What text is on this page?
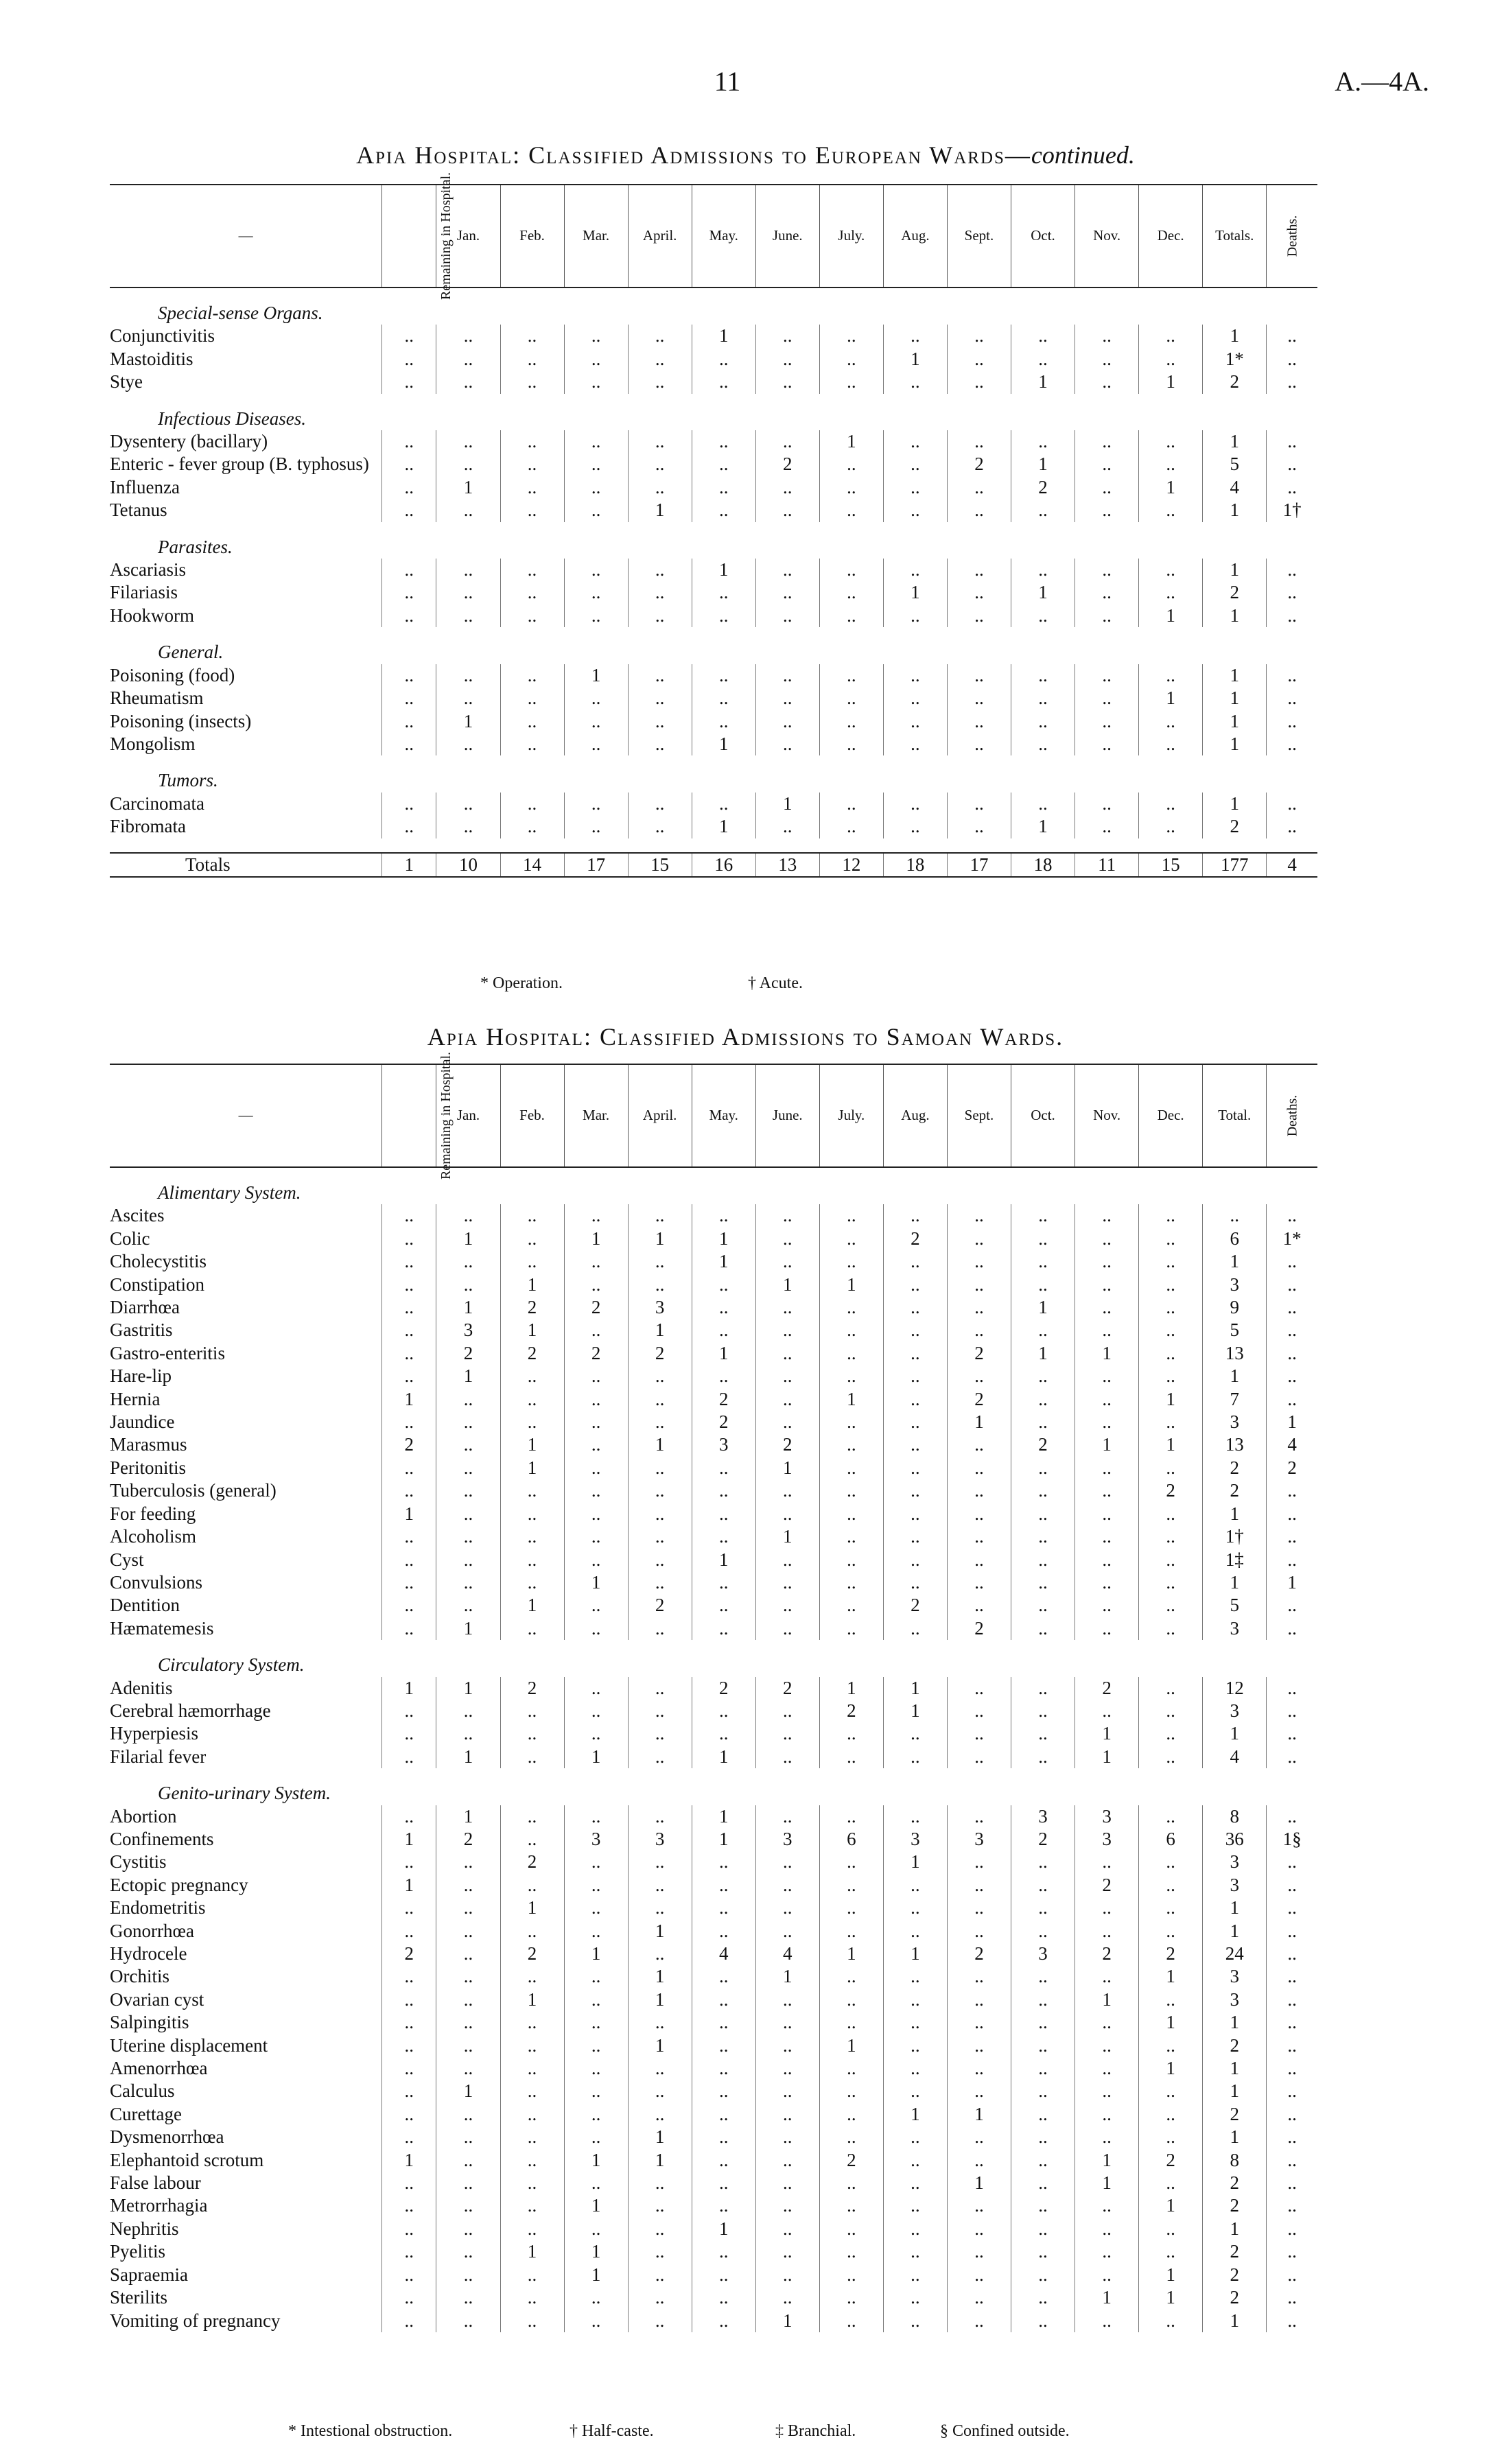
11	A.—4A.
Apia Hospital: Classified Admissions to European Wards—continued.
—	Remaining in Hospital.	Jan.	Feb.	Mar.	April.	May.	June.	July.	Aug.	Sept.	Oct.	Nov.	Dec.	Totals.	Deaths.

Special-sense Organs.															
Conjunctivitis	..	..	..	..	..	1	..	..	..	..	..	..	..	1	..
Mastoiditis	..	..	..	..	..	..	..	..	1	..	..	..	..	1*	..
Stye	..	..	..	..	..	..	..	..	..	..	1	..	1	2	..

Infectious Diseases.															
Dysentery (bacillary)	..	..	..	..	..	..	..	1	..	..	..	..	..	1	..
Enteric - fever group (B. typhosus)	..	..	..	..	..	..	2	..	..	2	1	..	..	5	..
Influenza	..	1	..	..	..	..	..	..	..	..	2	..	1	4	..
Tetanus	..	..	..	..	1	..	..	..	..	..	..	..	..	1	1†

Parasites.															
Ascariasis	..	..	..	..	..	1	..	..	..	..	..	..	..	1	..
Filariasis	..	..	..	..	..	..	..	..	1	..	1	..	..	2	..
Hookworm	..	..	..	..	..	..	..	..	..	..	..	..	1	1	..

General.															
Poisoning (food)	..	..	..	1	..	..	..	..	..	..	..	..	..	1	..
Rheumatism	..	..	..	..	..	..	..	..	..	..	..	..	1	1	..
Poisoning (insects)	..	1	..	..	..	..	..	..	..	..	..	..	..	1	..
Mongolism	..	..	..	..	..	1	..	..	..	..	..	..	..	1	..

Tumors.															
Carcinomata	..	..	..	..	..	..	1	..	..	..	..	..	..	1	..
Fibromata	..	..	..	..	..	1	..	..	..	..	1	..	..	2	..

Totals	1	10	14	17	15	16	13	12	18	17	18	11	15	177	4
* Operation.	† Acute.
Apia Hospital: Classified Admissions to Samoan Wards.
—	Remaining in Hospital.	Jan.	Feb.	Mar.	April.	May.	June.	July.	Aug.	Sept.	Oct.	Nov.	Dec.	Total.	Deaths.

Alimentary System.															
Ascites	..	..	..	..	..	..	..	..	..	..	..	..	..	..	..
Colic	..	1	..	1	1	1	..	..	2	..	..	..	..	6	1*
Cholecystitis	..	..	..	..	..	1	..	..	..	..	..	..	..	1	..
Constipation	..	..	1	..	..	..	1	1	..	..	..	..	..	3	..
Diarrhœa	..	1	2	2	3	..	..	..	..	..	1	..	..	9	..
Gastritis	..	3	1	..	1	..	..	..	..	..	..	..	..	5	..
Gastro-enteritis	..	2	2	2	2	1	..	..	..	2	1	1	..	13	..
Hare-lip	..	1	..	..	..	..	..	..	..	..	..	..	..	1	..
Hernia	1	..	..	..	..	2	..	1	..	2	..	..	1	7	..
Jaundice	..	..	..	..	..	2	..	..	..	1	..	..	..	3	1
Marasmus	2	..	1	..	1	3	2	..	..	..	2	1	1	13	4
Peritonitis	..	..	1	..	..	..	1	..	..	..	..	..	..	2	2
Tuberculosis (general)	..	..	..	..	..	..	..	..	..	..	..	..	2	2	..
For feeding	1	..	..	..	..	..	..	..	..	..	..	..	..	1	..
Alcoholism	..	..	..	..	..	..	1	..	..	..	..	..	..	1†	..
Cyst	..	..	..	..	..	1	..	..	..	..	..	..	..	1‡	..
Convulsions	..	..	..	1	..	..	..	..	..	..	..	..	..	1	1
Dentition	..	..	1	..	2	..	..	..	2	..	..	..	..	5	..
Hæmatemesis	..	1	..	..	..	..	..	..	..	2	..	..	..	3	..

Circulatory System.															
Adenitis	1	1	2	..	..	2	2	1	1	..	..	2	..	12	..
Cerebral hæmorrhage	..	..	..	..	..	..	..	2	1	..	..	..	..	3	..
Hyperpiesis	..	..	..	..	..	..	..	..	..	..	..	1	..	1	..
Filarial fever	..	1	..	1	..	1	..	..	..	..	..	1	..	4	..

Genito-urinary System.															
Abortion	..	1	..	..	..	1	..	..	..	..	3	3	..	8	..
Confinements	1	2	..	3	3	1	3	6	3	3	2	3	6	36	1§
Cystitis	..	..	2	..	..	..	..	..	1	..	..	..	..	3	..
Ectopic pregnancy	1	..	..	..	..	..	..	..	..	..	..	2	..	3	..
Endometritis	..	..	1	..	..	..	..	..	..	..	..	..	..	1	..
Gonorrhœa	..	..	..	..	1	..	..	..	..	..	..	..	..	1	..
Hydrocele	2	..	2	1	..	4	4	1	1	2	3	2	2	24	..
Orchitis	..	..	..	..	1	..	1	..	..	..	..	..	1	3	..
Ovarian cyst	..	..	1	..	1	..	..	..	..	..	..	1	..	3	..
Salpingitis	..	..	..	..	..	..	..	..	..	..	..	..	1	1	..
Uterine displacement	..	..	..	..	1	..	..	1	..	..	..	..	..	2	..
Amenorrhœa	..	..	..	..	..	..	..	..	..	..	..	..	1	1	..
Calculus	..	1	..	..	..	..	..	..	..	..	..	..	..	1	..
Curettage	..	..	..	..	..	..	..	..	1	1	..	..	..	2	..
Dysmenorrhœa	..	..	..	..	1	..	..	..	..	..	..	..	..	1	..
Elephantoid scrotum	1	..	..	1	1	..	..	2	..	..	..	1	2	8	..
False labour	..	..	..	..	..	..	..	..	..	1	..	1	..	2	..
Metrorrhagia	..	..	..	1	..	..	..	..	..	..	..	..	1	2	..
Nephritis	..	..	..	..	..	1	..	..	..	..	..	..	..	1	..
Pyelitis	..	..	1	1	..	..	..	..	..	..	..	..	..	2	..
Sapraemia	..	..	..	1	..	..	..	..	..	..	..	..	1	2	..
Sterilits	..	..	..	..	..	..	..	..	..	..	..	1	1	2	..
Vomiting of pregnancy	..	..	..	..	..	..	1	..	..	..	..	..	..	1	..
* Intestional obstruction.	† Half-caste.	‡ Branchial.	§ Confined outside.
